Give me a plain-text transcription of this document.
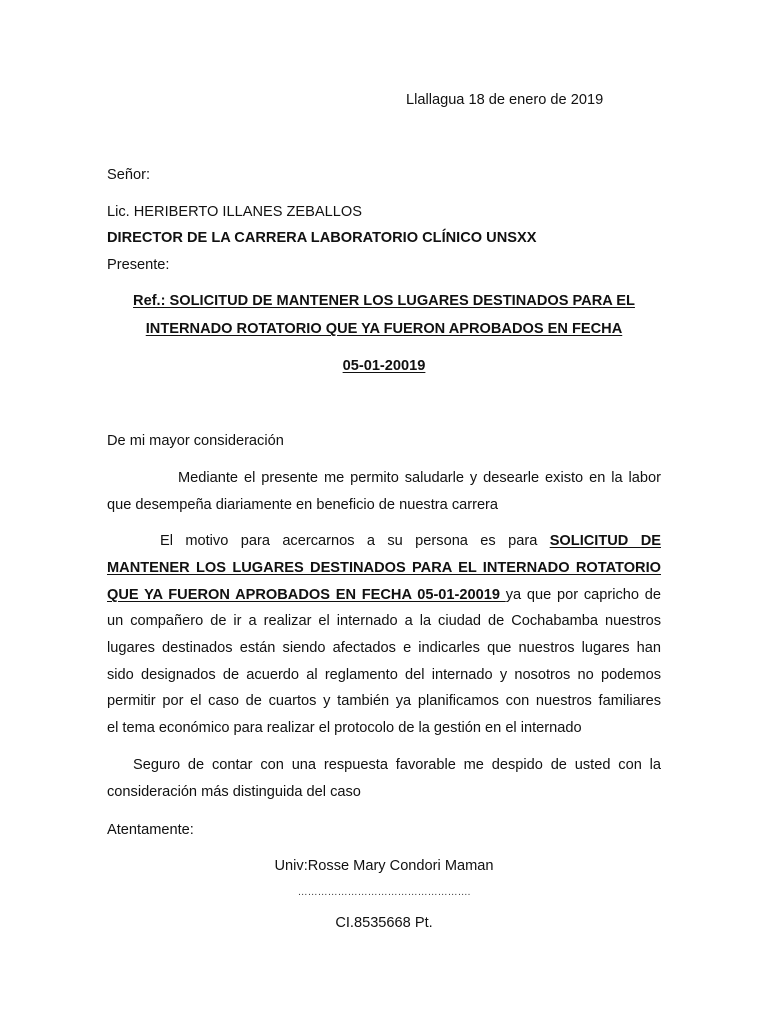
Llallagua 18 de enero de 2019
Señor:
Lic. HERIBERTO ILLANES ZEBALLOS
DIRECTOR DE LA CARRERA LABORATORIO CLÍNICO UNSXX
Presente:
Ref.: SOLICITUD DE MANTENER LOS LUGARES DESTINADOS PARA EL
INTERNADO ROTATORIO QUE YA FUERON APROBADOS EN FECHA
05-01-20019
De mi mayor consideración
Mediante el presente me permito saludarle y desearle existo en la labor
que desempeña diariamente en beneficio de nuestra carrera
El motivo para acercarnos a su persona es para SOLICITUD DE
MANTENER LOS LUGARES DESTINADOS PARA EL INTERNADO ROTATORIO
QUE YA FUERON APROBADOS EN FECHA 05-01-20019 ya que por capricho de
un compañero de ir a realizar el internado a la ciudad de Cochabamba nuestros
lugares destinados están siendo afectados e indicarles que nuestros lugares han
sido designados de acuerdo al reglamento del internado y nosotros no podemos
permitir por el caso de cuartos y también ya planificamos con nuestros familiares
el tema económico para realizar el protocolo de la gestión en el internado
Seguro de contar con una respuesta favorable me despido de usted con la
consideración más distinguida del caso
Atentamente:
Univ:Rosse Mary Condori Maman
…………………………………………….
CI.8535668 Pt.
